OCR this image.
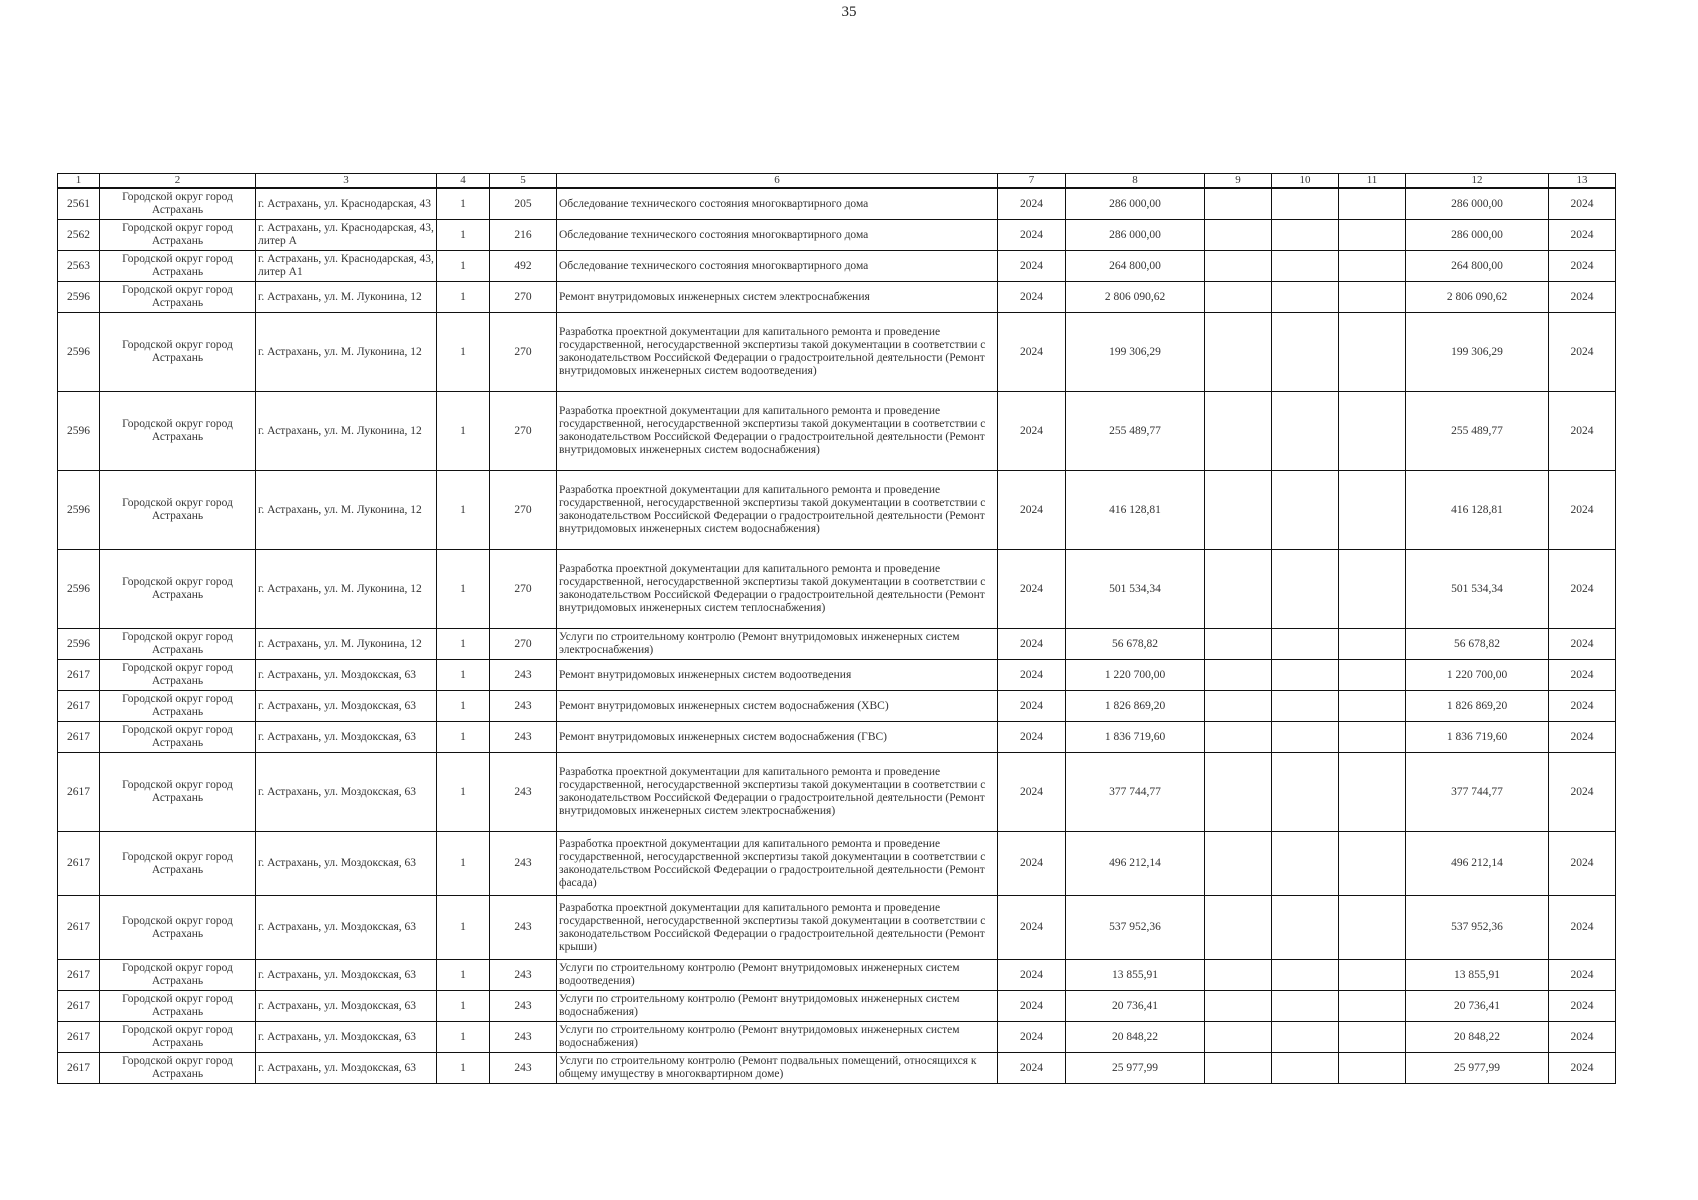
35
1	2	3	4	5	6	7	8	9	10	11	12	13
2561	Городской округ город Астрахань	г. Астрахань, ул. Краснодарская, 43	1	205	Обследование технического состояния многоквартирного дома	2024	286 000,00				286 000,00	2024
2562	Городской округ город Астрахань	г. Астрахань, ул. Краснодарская, 43, литер А	1	216	Обследование технического состояния многоквартирного дома	2024	286 000,00				286 000,00	2024
2563	Городской округ город Астрахань	г. Астрахань, ул. Краснодарская, 43, литер А1	1	492	Обследование технического состояния многоквартирного дома	2024	264 800,00				264 800,00	2024
2596	Городской округ город Астрахань	г. Астрахань, ул. М. Луконина, 12	1	270	Ремонт внутридомовых инженерных систем электроснабжения	2024	2 806 090,62				2 806 090,62	2024
2596	Городской округ город Астрахань	г. Астрахань, ул. М. Луконина, 12	1	270	Разработка проектной документации для капитального ремонта и проведение государственной, негосударственной экспертизы такой документации в соответствии с законодательством Российской Федерации о градостроительной деятельности (Ремонт внутридомовых инженерных систем водоотведения)	2024	199 306,29				199 306,29	2024
2596	Городской округ город Астрахань	г. Астрахань, ул. М. Луконина, 12	1	270	Разработка проектной документации для капитального ремонта и проведение государственной, негосударственной экспертизы такой документации в соответствии с законодательством Российской Федерации о градостроительной деятельности (Ремонт внутридомовых инженерных систем водоснабжения)	2024	255 489,77				255 489,77	2024
2596	Городской округ город Астрахань	г. Астрахань, ул. М. Луконина, 12	1	270	Разработка проектной документации для капитального ремонта и проведение государственной, негосударственной экспертизы такой документации в соответствии с законодательством Российской Федерации о градостроительной деятельности (Ремонт внутридомовых инженерных систем водоснабжения)	2024	416 128,81				416 128,81	2024
2596	Городской округ город Астрахань	г. Астрахань, ул. М. Луконина, 12	1	270	Разработка проектной документации для капитального ремонта и проведение государственной, негосударственной экспертизы такой документации в соответствии с законодательством Российской Федерации о градостроительной деятельности (Ремонт внутридомовых инженерных систем теплоснабжения)	2024	501 534,34				501 534,34	2024
2596	Городской округ город Астрахань	г. Астрахань, ул. М. Луконина, 12	1	270	Услуги по строительному контролю (Ремонт внутридомовых инженерных систем электроснабжения)	2024	56 678,82				56 678,82	2024
2617	Городской округ город Астрахань	г. Астрахань, ул. Моздокская, 63	1	243	Ремонт внутридомовых инженерных систем водоотведения	2024	1 220 700,00				1 220 700,00	2024
2617	Городской округ город Астрахань	г. Астрахань, ул. Моздокская, 63	1	243	Ремонт внутридомовых инженерных систем водоснабжения (ХВС)	2024	1 826 869,20				1 826 869,20	2024
2617	Городской округ город Астрахань	г. Астрахань, ул. Моздокская, 63	1	243	Ремонт внутридомовых инженерных систем водоснабжения (ГВС)	2024	1 836 719,60				1 836 719,60	2024
2617	Городской округ город Астрахань	г. Астрахань, ул. Моздокская, 63	1	243	Разработка проектной документации для капитального ремонта и проведение государственной, негосударственной экспертизы такой документации в соответствии с законодательством Российской Федерации о градостроительной деятельности (Ремонт внутридомовых инженерных систем электроснабжения)	2024	377 744,77				377 744,77	2024
2617	Городской округ город Астрахань	г. Астрахань, ул. Моздокская, 63	1	243	Разработка проектной документации для капитального ремонта и проведение государственной, негосударственной экспертизы такой документации в соответствии с законодательством Российской Федерации о градостроительной деятельности (Ремонт фасада)	2024	496 212,14				496 212,14	2024
2617	Городской округ город Астрахань	г. Астрахань, ул. Моздокская, 63	1	243	Разработка проектной документации для капитального ремонта и проведение государственной, негосударственной экспертизы такой документации в соответствии с законодательством Российской Федерации о градостроительной деятельности (Ремонт крыши)	2024	537 952,36				537 952,36	2024
2617	Городской округ город Астрахань	г. Астрахань, ул. Моздокская, 63	1	243	Услуги по строительному контролю (Ремонт внутридомовых инженерных систем водоотведения)	2024	13 855,91				13 855,91	2024
2617	Городской округ город Астрахань	г. Астрахань, ул. Моздокская, 63	1	243	Услуги по строительному контролю (Ремонт внутридомовых инженерных систем водоснабжения)	2024	20 736,41				20 736,41	2024
2617	Городской округ город Астрахань	г. Астрахань, ул. Моздокская, 63	1	243	Услуги по строительному контролю (Ремонт внутридомовых инженерных систем водоснабжения)	2024	20 848,22				20 848,22	2024
2617	Городской округ город Астрахань	г. Астрахань, ул. Моздокская, 63	1	243	Услуги по строительному контролю (Ремонт подвальных помещений, относящихся к общему имуществу в многоквартирном доме)	2024	25 977,99				25 977,99	2024
